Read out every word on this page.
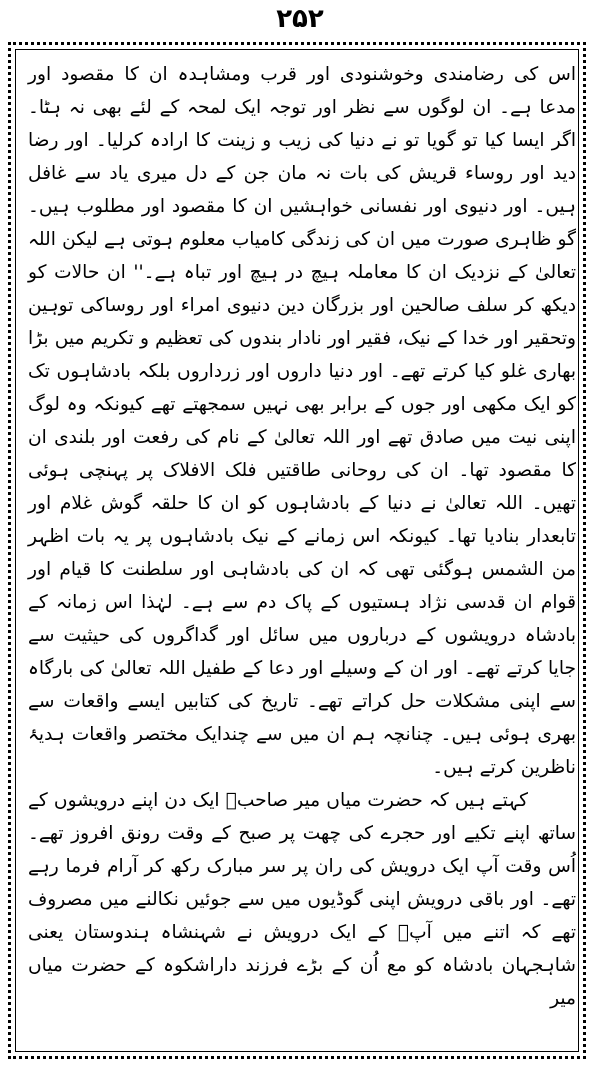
۲۵۲

اس کی رضامندی وخوشنودی اور قرب ومشاہدہ ان کا مقصود اور مدعا ہے۔ ان لوگوں سے نظر اور توجہ ایک لمحہ کے لئے بھی نہ ہٹا۔ اگر ایسا کیا تو گویا تو نے دنیا کی زیب و زینت کا ارادہ کرلیا۔ اور رضا دید اور روساء قریش کی بات نہ مان جن کے دل میری یاد سے غافل ہیں۔ اور دنیوی اور نفسانی خواہشیں ان کا مقصود اور مطلوب ہیں۔ گو ظاہری صورت میں ان کی زندگی کامیاب معلوم ہوتی ہے لیکن اللہ تعالیٰ کے نزدیک ان کا معاملہ ہیچ در ہیچ اور تباہ ہے۔'' ان حالات کو دیکھ کر سلف صالحین اور بزرگان دین دنیوی امراء اور روساکی توہین وتحقیر اور خدا کے نیک، فقیر اور نادار بندوں کی تعظیم و تکریم میں بڑا بھاری غلو کیا کرتے تھے۔ اور دنیا داروں اور زرداروں بلکہ بادشاہوں تک کو ایک مکھی اور جوں کے برابر بھی نہیں سمجھتے تھے کیونکہ وہ لوگ اپنی نیت میں صادق تھے اور اللہ تعالیٰ کے نام کی رفعت اور بلندی ان کا مقصود تھا۔ ان کی روحانی طاقتیں فلک الافلاک پر پہنچی ہوئی تھیں۔ اللہ تعالیٰ نے دنیا کے بادشاہوں کو ان کا حلقہ گوش غلام اور تابعدار بنادیا تھا۔ کیونکہ اس زمانے کے نیک بادشاہوں پر یہ بات اظہر من الشمس ہوگئی تھی کہ ان کی بادشاہی اور سلطنت کا قیام اور قوام ان قدسی نژاد ہستیوں کے پاک دم سے ہے۔ لہٰذا اس زمانہ کے بادشاہ درویشوں کے درباروں میں سائل اور گداگروں کی حیثیت سے جایا کرتے تھے۔ اور ان کے وسیلے اور دعا کے طفیل اللہ تعالیٰ کی بارگاہ سے اپنی مشکلات حل کراتے تھے۔ تاریخ کی کتابیں ایسے واقعات سے بھری ہوئی ہیں۔ چنانچہ ہم ان میں سے چندایک مختصر واقعات ہدیۂ ناظرین کرتے ہیں۔

کہتے ہیں کہ حضرت میاں میر صاحبؒ ایک دن اپنے درویشوں کے ساتھ اپنے تکیے اور حجرے کی چھت پر صبح کے وقت رونق افروز تھے۔ اُس وقت آپ ایک درویش کی ران پر سر مبارک رکھ کر آرام فرما رہے تھے۔ اور باقی درویش اپنی گوڈیوں میں سے جوئیں نکالنے میں مصروف تھے کہ اتنے میں آپؒ کے ایک درویش نے شہنشاہ ہندوستان یعنی شاہجہان بادشاہ کو مع اُن کے بڑے فرزند داراشکوہ کے حضرت میاں میر
